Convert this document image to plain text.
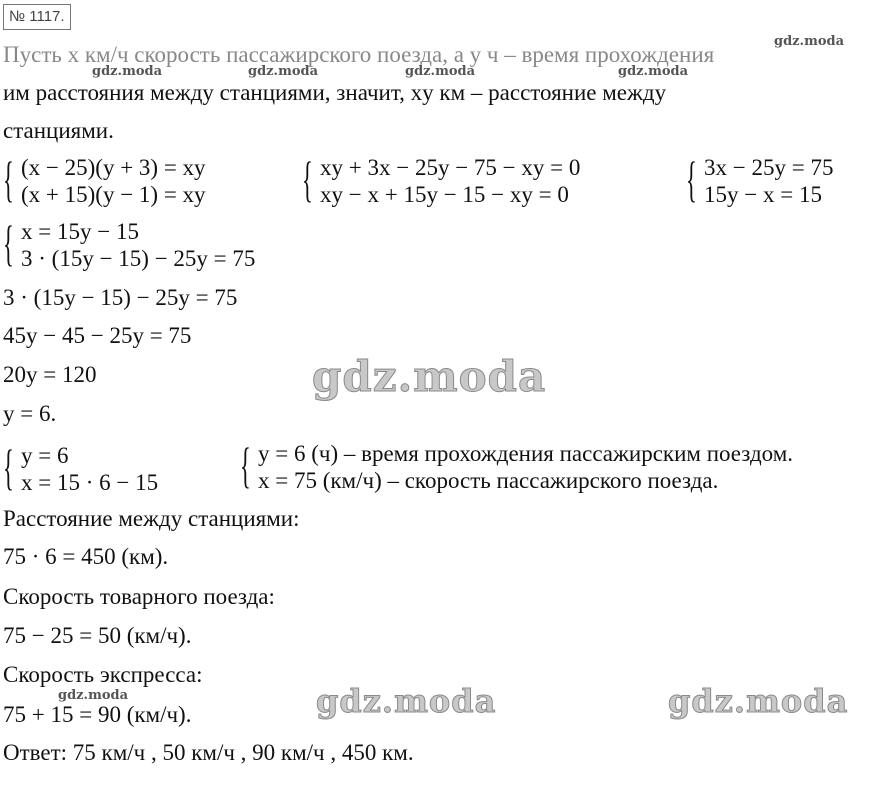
№ 1117.
Пусть x км/ч скорость пассажирского поезда, а y ч – время прохождения
им расстояния между станциями, значит, xy км – расстояние между
станциями.
{ (x − 25)(y + 3) = xy
(x + 15)(y − 1) = xy { xy + 3x − 25y − 75 − xy = 0
xy − x + 15y − 15 − xy = 0 { 3x − 25y = 75
15y − x = 15
{ x = 15y − 15
3 · (15y − 15) − 25y = 75
3 · (15y − 15) − 25y = 75
45y − 45 − 25y = 75
20y = 120
y = 6.
{ y = 6
x = 15 · 6 − 15 { y = 6 (ч) – время прохождения пассажирским поездом.
x = 75 (км/ч) – скорость пассажирского поезда.
Расстояние между станциями:
75 · 6 = 450 (км).
Скорость товарного поезда:
75 − 25 = 50 (км/ч).
Скорость экспресса:
75 + 15 = 90 (км/ч).
Ответ: 75 км/ч , 50 км/ч , 90 км/ч , 450 км.
gdz.moda
gdz.moda	gdz.moda	gdz.moda	gdz.moda
gdz.moda
gdz.moda
gdz.moda	gdz.moda
